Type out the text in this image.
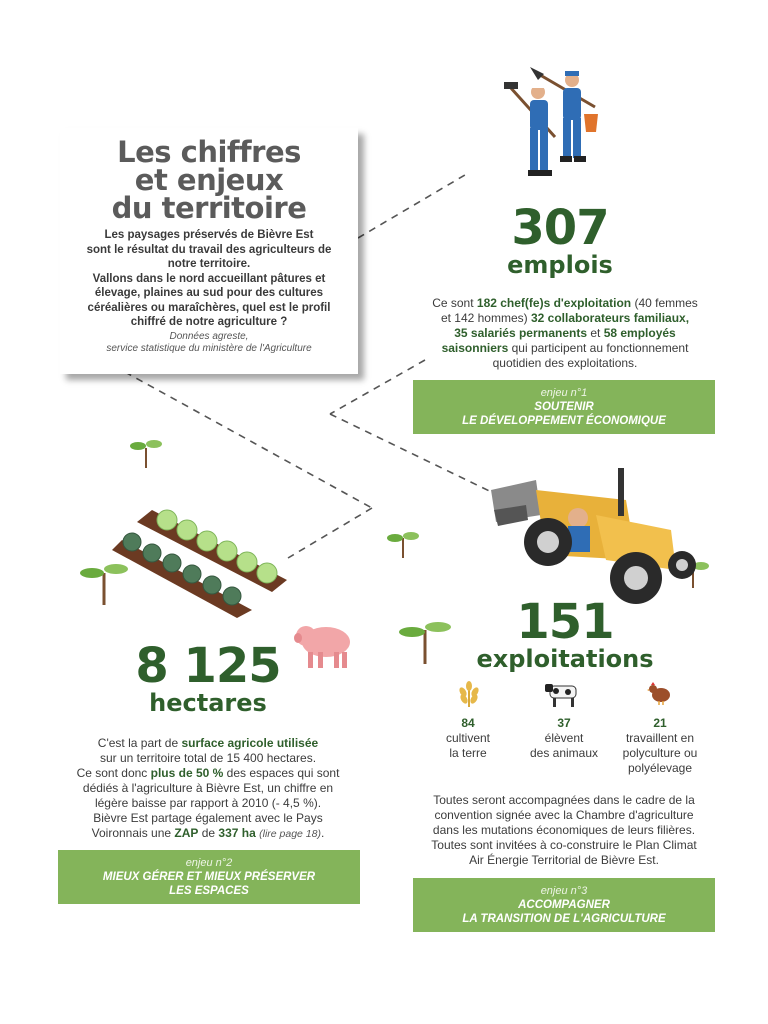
Les chiffres
et enjeux
du territoire
Les paysages préservés de Bièvre Est
sont le résultat du travail des agriculteurs de
notre territoire.
Vallons dans le nord accueillant pâtures et
élevage, plaines au sud pour des cultures
céréalières ou maraîchères, quel est le profil
chiffré de notre agriculture ?
Données agreste,
service statistique du ministère de l'Agriculture
307
emplois
Ce sont 182 chef(fe)s d'exploitation (40 femmes
et 142 hommes) 32 collaborateurs familiaux,
35 salariés permanents et 58 employés
saisonniers qui participent au fonctionnement
quotidien des exploitations.
enjeu n°1
SOUTENIR
LE DÉVELOPPEMENT ÉCONOMIQUE
8 125
hectares
C'est la part de surface agricole utilisée
sur un territoire total de 15 400 hectares.
Ce sont donc plus de 50 % des espaces qui sont
dédiés à l'agriculture à Bièvre Est, un chiffre en
légère baisse par rapport à 2010 (- 4,5 %).
Bièvre Est partage également avec le Pays
Voironnais une ZAP de 337 ha (lire page 18).
enjeu n°2
MIEUX GÉRER ET MIEUX PRÉSERVER
LES ESPACES
151
exploitations
84
cultivent
la terre
37
élèvent
des animaux
21
travaillent en
polyculture ou
polyélevage
Toutes seront accompagnées dans le cadre de la
convention signée avec la Chambre d'agriculture
dans les mutations économiques de leurs filières.
Toutes sont invitées à co-construire le Plan Climat
Air Énergie Territorial de Bièvre Est.
enjeu n°3
ACCOMPAGNER
LA TRANSITION DE L'AGRICULTURE
